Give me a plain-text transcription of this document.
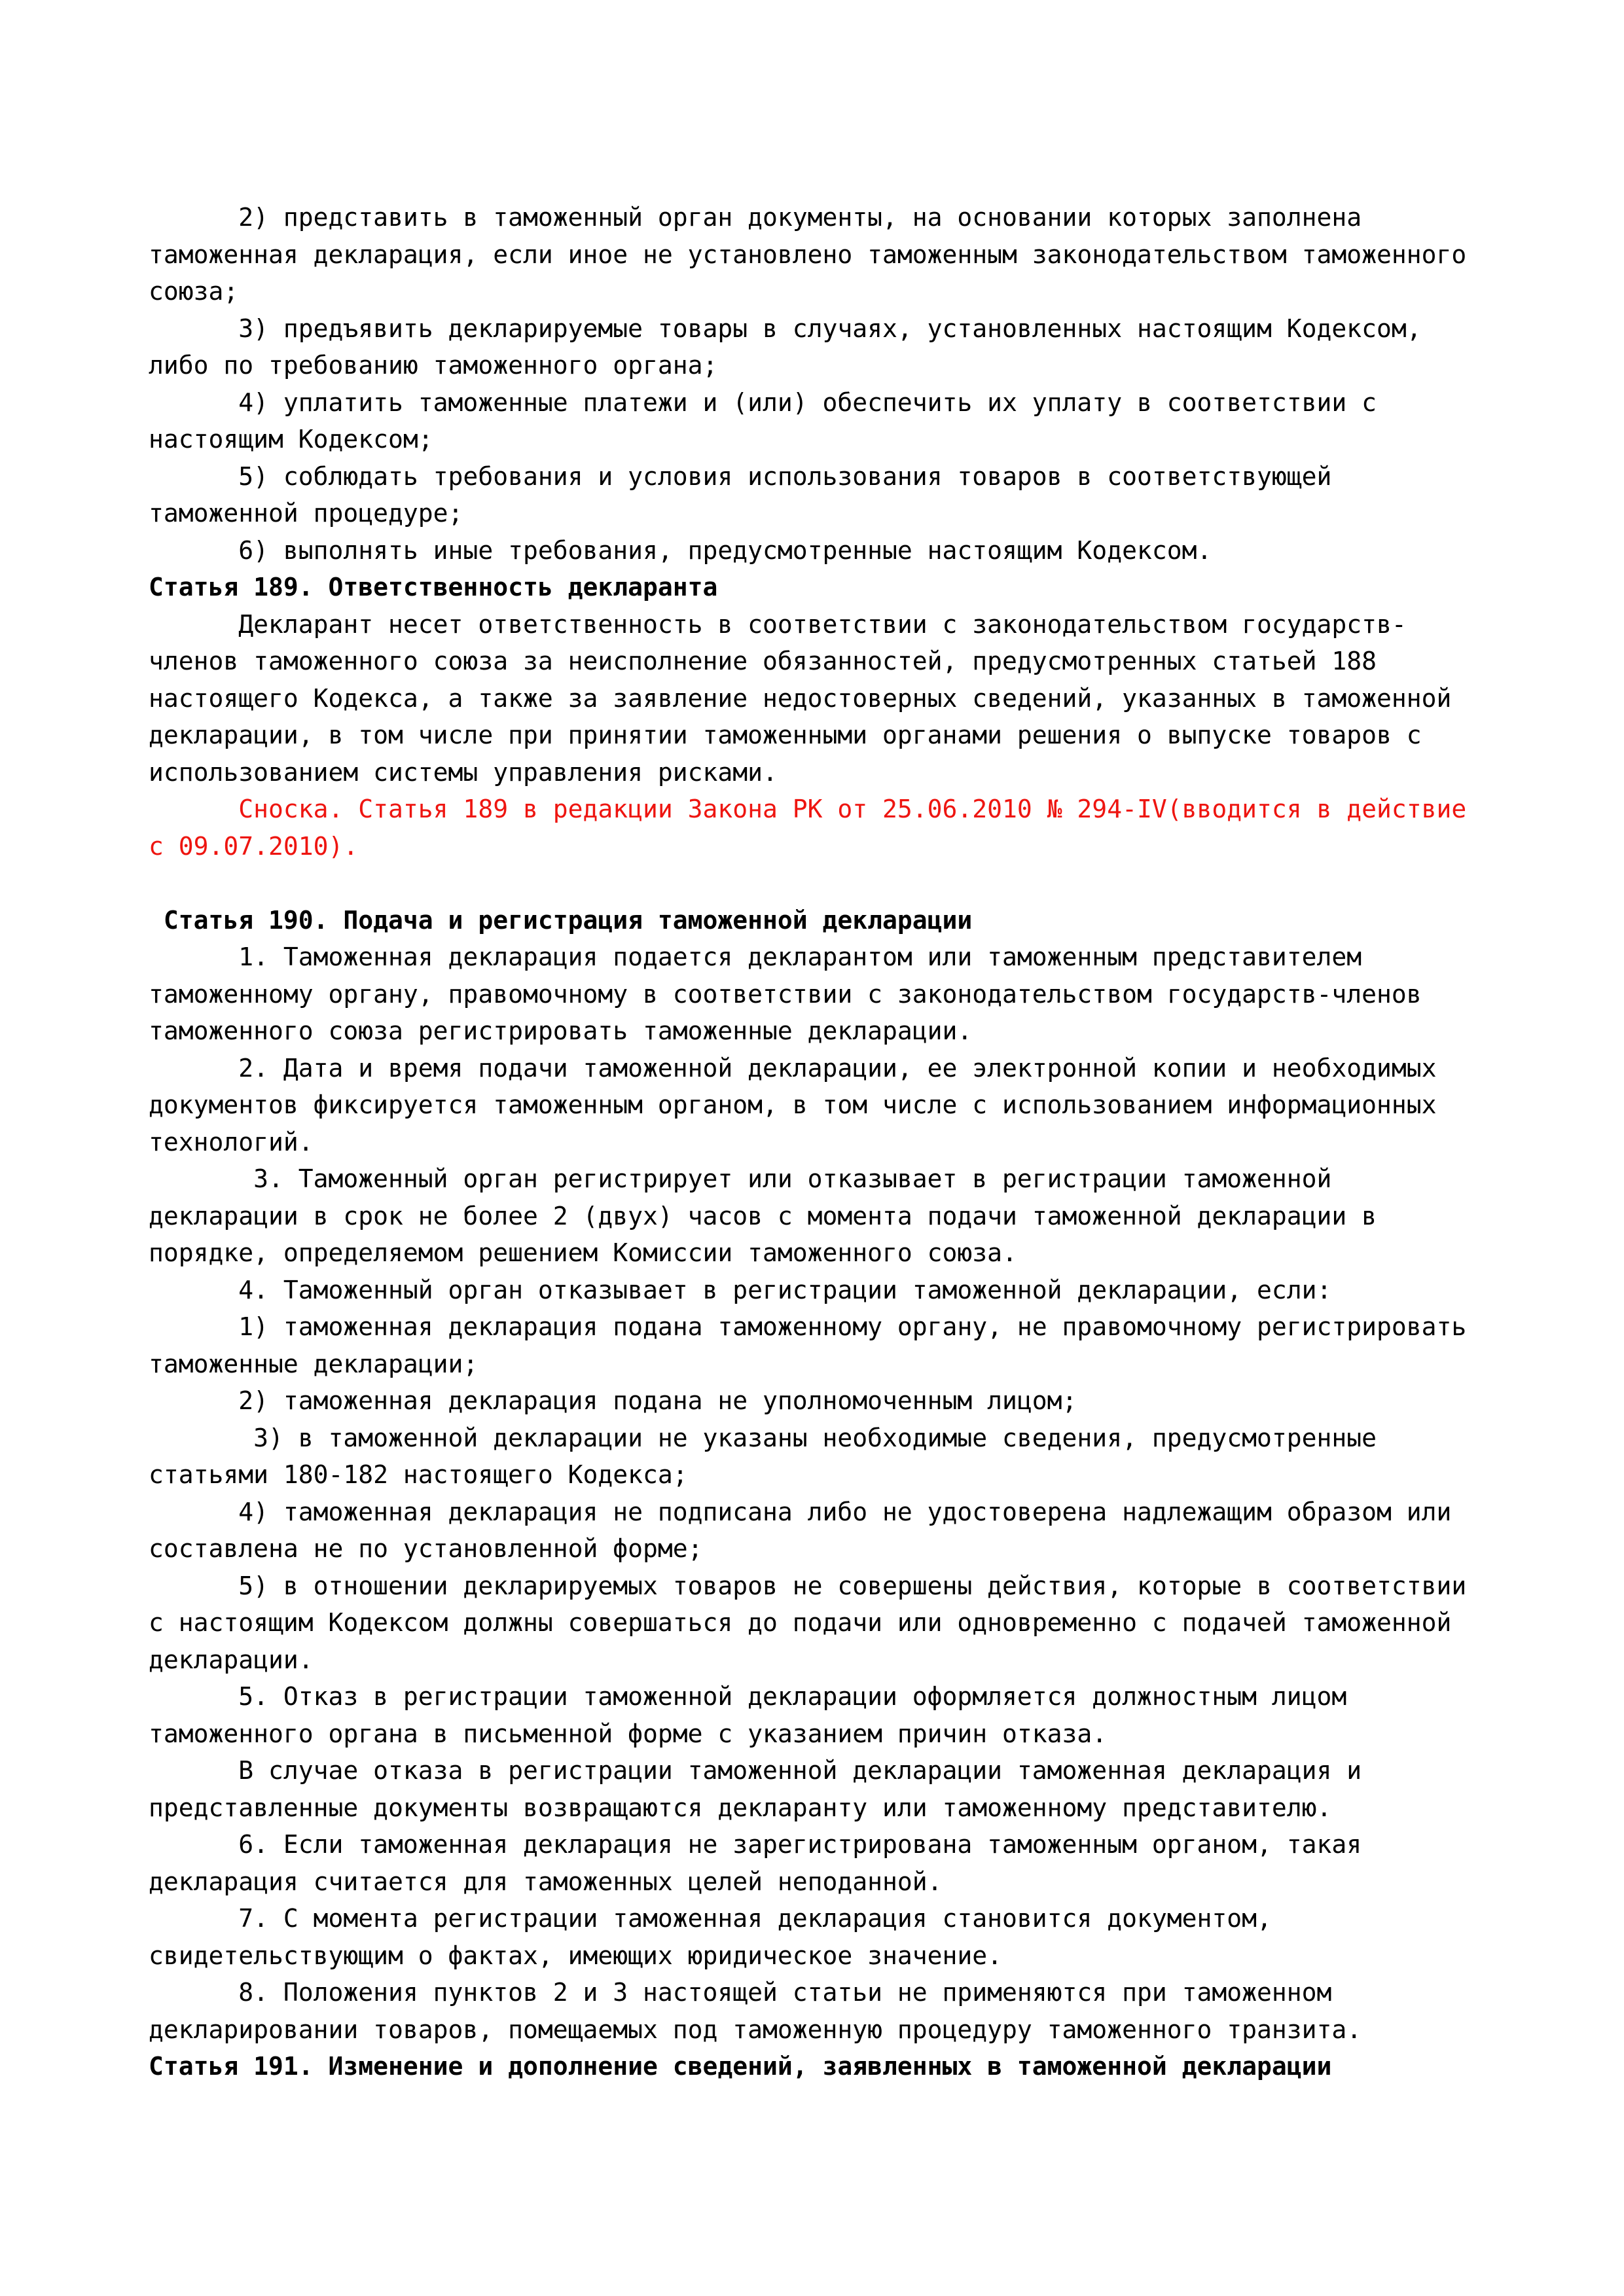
2) представить в таможенный орган документы, на основании которых заполнена
таможенная декларация, если иное не установлено таможенным законодательством таможенного
союза;
3) предъявить декларируемые товары в случаях, установленных настоящим Кодексом,
либо по требованию таможенного органа;
4) уплатить таможенные платежи и (или) обеспечить их уплату в соответствии с
настоящим Кодексом;
5) соблюдать требования и условия использования товаров в соответствующей
таможенной процедуре;
6) выполнять иные требования, предусмотренные настоящим Кодексом.
Статья 189. Ответственность декларанта
Декларант несет ответственность в соответствии с законодательством государств-
членов таможенного союза за неисполнение обязанностей, предусмотренных статьей 188
настоящего Кодекса, а также за заявление недостоверных сведений, указанных в таможенной
декларации, в том числе при принятии таможенными органами решения о выпуске товаров с
использованием системы управления рисками.
Сноска. Статья 189 в редакции Закона РК от 25.06.2010 № 294-IV(вводится в действие
с 09.07.2010).
Статья 190. Подача и регистрация таможенной декларации
1. Таможенная декларация подается декларантом или таможенным представителем
таможенному органу, правомочному в соответствии с законодательством государств-членов
таможенного союза регистрировать таможенные декларации.
2. Дата и время подачи таможенной декларации, ее электронной копии и необходимых
документов фиксируется таможенным органом, в том числе с использованием информационных
технологий.
3. Таможенный орган регистрирует или отказывает в регистрации таможенной
декларации в срок не более 2 (двух) часов с момента подачи таможенной декларации в
порядке, определяемом решением Комиссии таможенного союза.
4. Таможенный орган отказывает в регистрации таможенной декларации, если:
1) таможенная декларация подана таможенному органу, не правомочному регистрировать
таможенные декларации;
2) таможенная декларация подана не уполномоченным лицом;
3) в таможенной декларации не указаны необходимые сведения, предусмотренные
статьями 180-182 настоящего Кодекса;
4) таможенная декларация не подписана либо не удостоверена надлежащим образом или
составлена не по установленной форме;
5) в отношении декларируемых товаров не совершены действия, которые в соответствии
с настоящим Кодексом должны совершаться до подачи или одновременно с подачей таможенной
декларации.
5. Отказ в регистрации таможенной декларации оформляется должностным лицом
таможенного органа в письменной форме с указанием причин отказа.
В случае отказа в регистрации таможенной декларации таможенная декларация и
представленные документы возвращаются декларанту или таможенному представителю.
6. Если таможенная декларация не зарегистрирована таможенным органом, такая
декларация считается для таможенных целей неподанной.
7. С момента регистрации таможенная декларация становится документом,
свидетельствующим о фактах, имеющих юридическое значение.
8. Положения пунктов 2 и 3 настоящей статьи не применяются при таможенном
декларировании товаров, помещаемых под таможенную процедуру таможенного транзита.
Статья 191. Изменение и дополнение сведений, заявленных в таможенной декларации
